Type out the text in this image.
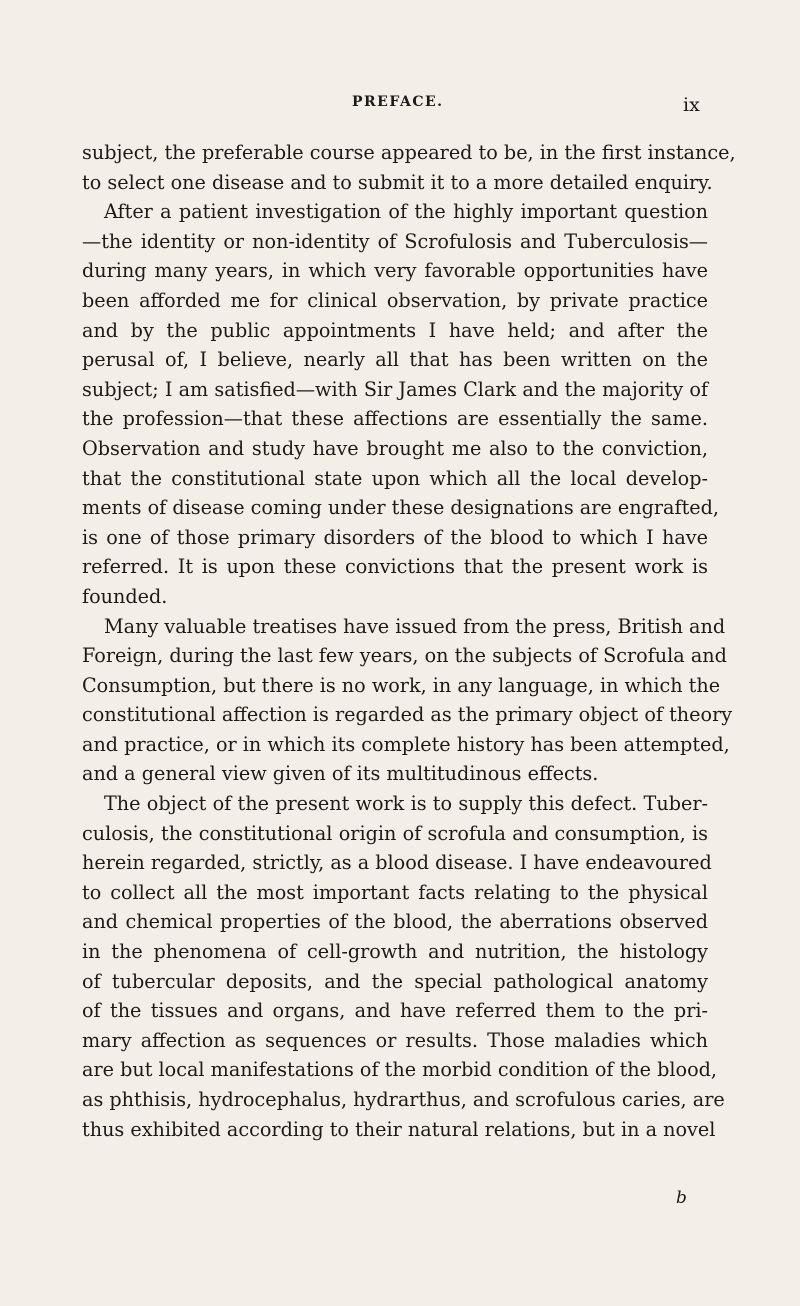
PREFACE.	ix
subject, the preferable course appeared to be, in the first instance,
to select one disease and to submit it to a more detailed enquiry.
After a patient investigation of the highly important question
—the identity or non-identity of Scrofulosis and Tuberculosis—
during many years, in which very favorable opportunities have
been afforded me for clinical observation, by private practice
and by the public appointments I have held; and after the
perusal of, I believe, nearly all that has been written on the
subject; I am satisfied—with Sir James Clark and the majority of
the profession—that these affections are essentially the same.
Observation and study have brought me also to the conviction,
that the constitutional state upon which all the local develop-
ments of disease coming under these designations are engrafted,
is one of those primary disorders of the blood to which I have
referred. It is upon these convictions that the present work is
founded.
Many valuable treatises have issued from the press, British and
Foreign, during the last few years, on the subjects of Scrofula and
Consumption, but there is no work, in any language, in which the
constitutional affection is regarded as the primary object of theory
and practice, or in which its complete history has been attempted,
and a general view given of its multitudinous effects.
The object of the present work is to supply this defect. Tuber-
culosis, the constitutional origin of scrofula and consumption, is
herein regarded, strictly, as a blood disease. I have endeavoured
to collect all the most important facts relating to the physical
and chemical properties of the blood, the aberrations observed
in the phenomena of cell-growth and nutrition, the histology
of tubercular deposits, and the special pathological anatomy
of the tissues and organs, and have referred them to the pri-
mary affection as sequences or results. Those maladies which
are but local manifestations of the morbid condition of the blood,
as phthisis, hydrocephalus, hydrarthus, and scrofulous caries, are
thus exhibited according to their natural relations, but in a novel
b
